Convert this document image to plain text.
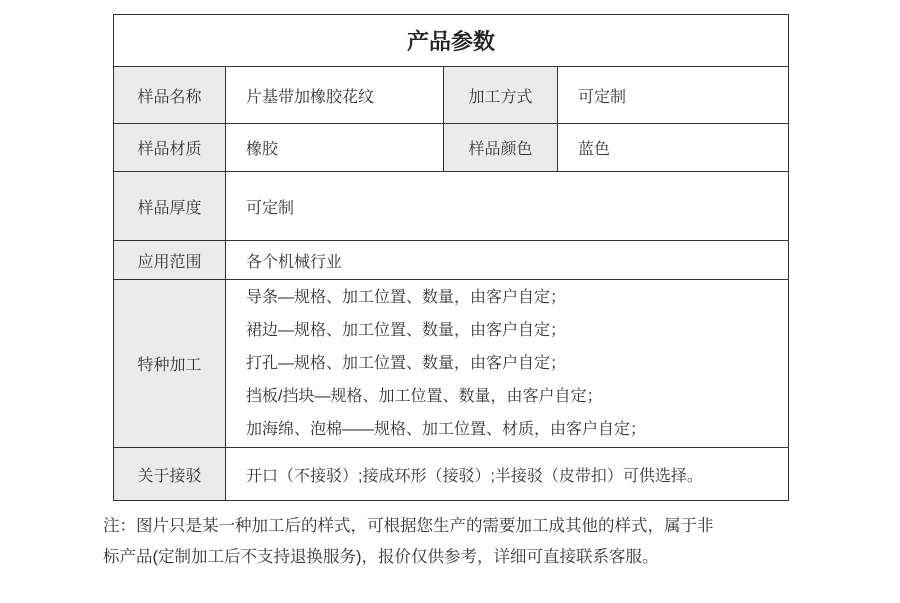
产品参数			
样品名称	片基带加橡胶花纹	加工方式	可定制
样品材质	橡胶	样品颜色	蓝色
样品厚度	可定制		
应用范围	各个机械行业		
特种加工	导条—规格、加工位置、数量，由客户自定；
裙边—规格、加工位置、数量，由客户自定；
打孔—规格、加工位置、数量，由客户自定；
挡板/挡块—规格、加工位置、数量，由客户自定；
加海绵、泡棉——规格、加工位置、材质，由客户自定；		

关于接驳	开口（不接驳）;接成环形（接驳）;半接驳（皮带扣）可供选择。		
注：图片只是某一种加工后的样式，可根据您生产的需要加工成其他的样式，属于非
标产品(定制加工后不支持退换服务)，报价仅供参考，详细可直接联系客服。
